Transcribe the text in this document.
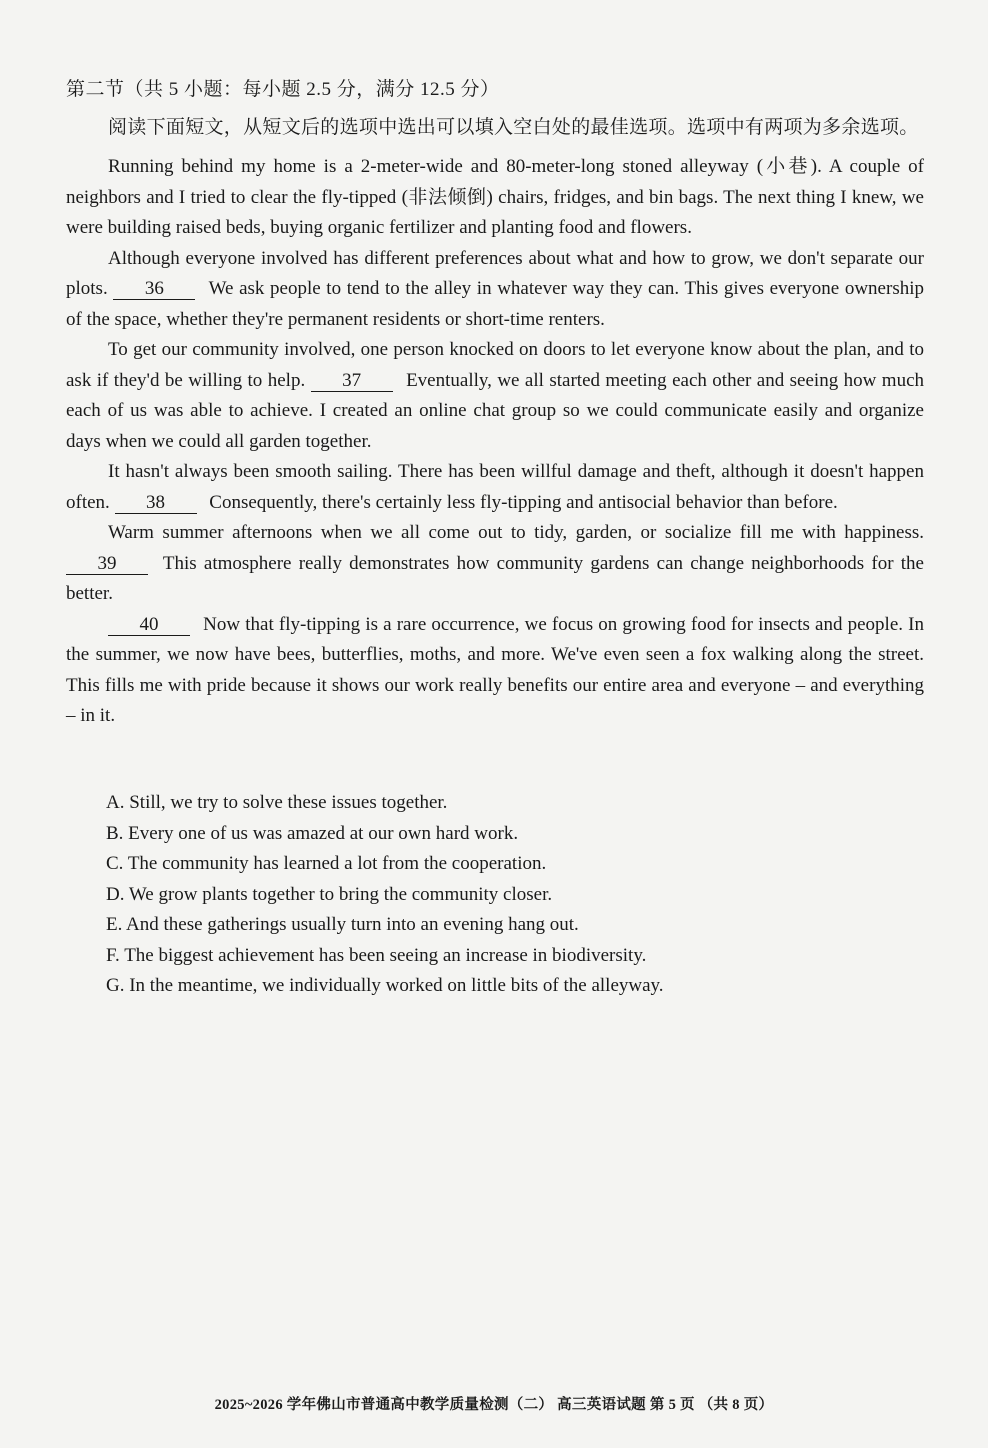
第二节（共 5 小题：每小题 2.5 分，满分 12.5 分）
阅读下面短文，从短文后的选项中选出可以填入空白处的最佳选项。选项中有两项为多余选项。

Running behind my home is a 2-meter-wide and 80-meter-long stoned alleyway (小巷). A couple of neighbors and I tried to clear the fly-tipped (非法倾倒) chairs, fridges, and bin bags. The next thing I knew, we were building raised beds, buying organic fertilizer and planting food and flowers.

Although everyone involved has different preferences about what and how to grow, we don't separate our plots. 36 We ask people to tend to the alley in whatever way they can. This gives everyone ownership of the space, whether they're permanent residents or short-time renters.

To get our community involved, one person knocked on doors to let everyone know about the plan, and to ask if they'd be willing to help. 37 Eventually, we all started meeting each other and seeing how much each of us was able to achieve. I created an online chat group so we could communicate easily and organize days when we could all garden together.

It hasn't always been smooth sailing. There has been willful damage and theft, although it doesn't happen often. 38 Consequently, there's certainly less fly-tipping and antisocial behavior than before.

Warm summer afternoons when we all come out to tidy, garden, or socialize fill me with happiness. 39 This atmosphere really demonstrates how community gardens can change neighborhoods for the better.

40 Now that fly-tipping is a rare occurrence, we focus on growing food for insects and people. In the summer, we now have bees, butterflies, moths, and more. We've even seen a fox walking along the street. This fills me with pride because it shows our work really benefits our entire area and everyone – and everything – in it.

A. Still, we try to solve these issues together.
B. Every one of us was amazed at our own hard work.
C. The community has learned a lot from the cooperation.
D. We grow plants together to bring the community closer.
E. And these gatherings usually turn into an evening hang out.
F. The biggest achievement has been seeing an increase in biodiversity.
G. In the meantime, we individually worked on little bits of the alleyway.
2025~2026 学年佛山市普通高中教学质量检测（二） 高三英语试题 第 5 页 （共 8 页）
